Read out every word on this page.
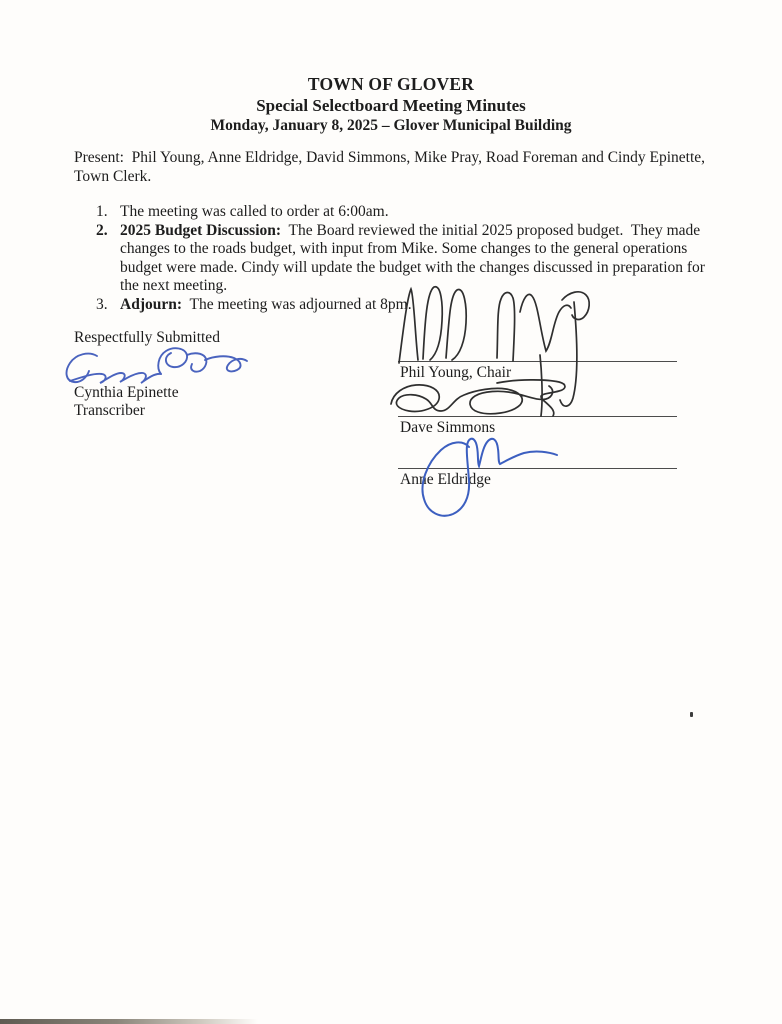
TOWN OF GLOVER
Special Selectboard Meeting Minutes
Monday, January 8, 2025 – Glover Municipal Building
Present:  Phil Young, Anne Eldridge, David Simmons, Mike Pray, Road Foreman and Cindy Epinette, Town Clerk.
1. The meeting was called to order at 6:00am.
2. 2025 Budget Discussion:  The Board reviewed the initial 2025 proposed budget.  They made changes to the roads budget, with input from Mike. Some changes to the general operations budget were made. Cindy will update the budget with the changes discussed in preparation for the next meeting.
3. Adjourn:  The meeting was adjourned at 8pm.
Respectfully Submitted
Cynthia Epinette
Transcriber
Phil Young, Chair
Dave Simmons
Anne Eldridge
